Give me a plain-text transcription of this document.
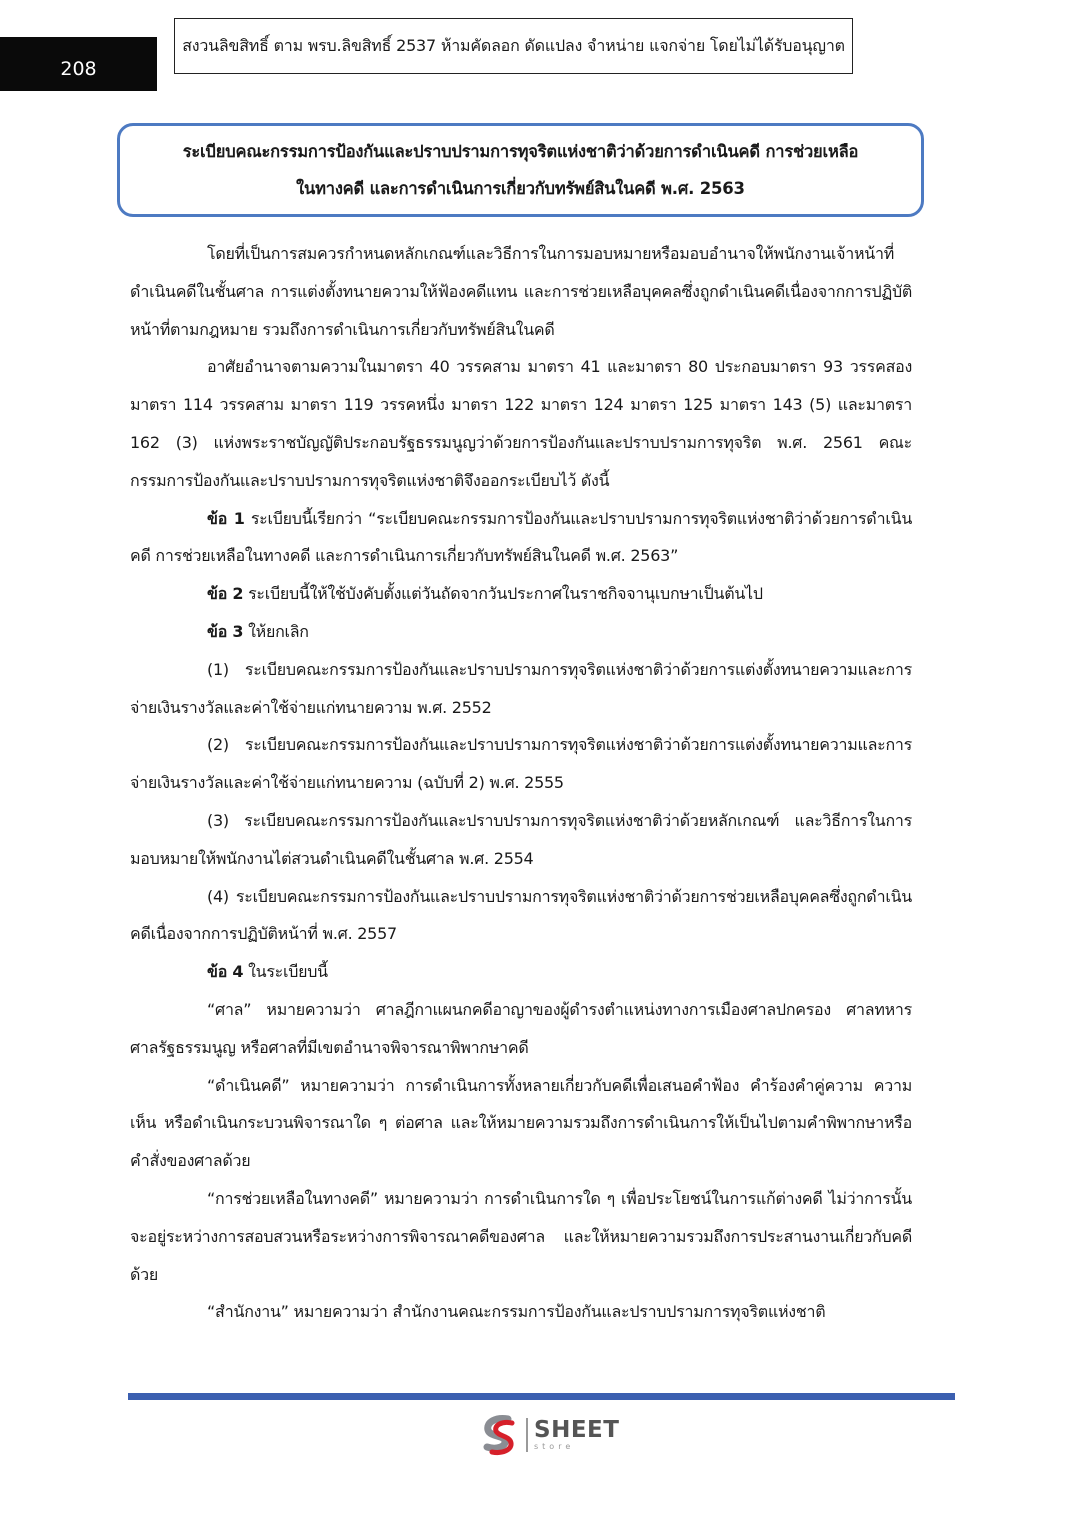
208
สงวนลิขสิทธิ์ ตาม พรบ.ลิขสิทธิ์ 2537 ห้ามคัดลอก ดัดแปลง จำหน่าย แจกจ่าย โดยไม่ได้รับอนุญาต
ระเบียบคณะกรรมการป้องกันและปราบปรามการทุจริตแห่งชาติว่าด้วยการดำเนินคดี การช่วยเหลือ
ในทางคดี และการดำเนินการเกี่ยวกับทรัพย์สินในคดี พ.ศ. 2563

โดยที่เป็นการสมควรกำหนดหลักเกณฑ์และวิธีการในการมอบหมายหรือมอบอำนาจให้พนักงานเจ้าหน้าที่ดำเนินคดีในชั้นศาล การแต่งตั้งทนายความให้ฟ้องคดีแทน และการช่วยเหลือบุคคลซึ่งถูกดำเนินคดีเนื่องจากการปฏิบัติหน้าที่ตามกฎหมาย รวมถึงการดำเนินการเกี่ยวกับทรัพย์สินในคดี

อาศัยอำนาจตามความในมาตรา 40 วรรคสาม มาตรา 41 และมาตรา 80 ประกอบมาตรา 93 วรรคสอง มาตรา 114 วรรคสาม มาตรา 119 วรรคหนึ่ง มาตรา 122 มาตรา 124 มาตรา 125 มาตรา 143 (5) และมาตรา 162 (3) แห่งพระราชบัญญัติประกอบรัฐธรรมนูญว่าด้วยการป้องกันและปราบปรามการทุจริต พ.ศ. 2561 คณะกรรมการป้องกันและปราบปรามการทุจริตแห่งชาติจึงออกระเบียบไว้ ดังนี้

ข้อ 1 ระเบียบนี้เรียกว่า “ระเบียบคณะกรรมการป้องกันและปราบปรามการทุจริตแห่งชาติว่าด้วยการดำเนินคดี การช่วยเหลือในทางคดี และการดำเนินการเกี่ยวกับทรัพย์สินในคดี พ.ศ. 2563”

ข้อ 2 ระเบียบนี้ให้ใช้บังคับตั้งแต่วันถัดจากวันประกาศในราชกิจจานุเบกษาเป็นต้นไป

ข้อ 3 ให้ยกเลิก

(1) ระเบียบคณะกรรมการป้องกันและปราบปรามการทุจริตแห่งชาติว่าด้วยการแต่งตั้งทนายความและการจ่ายเงินรางวัลและค่าใช้จ่ายแก่ทนายความ พ.ศ. 2552

(2) ระเบียบคณะกรรมการป้องกันและปราบปรามการทุจริตแห่งชาติว่าด้วยการแต่งตั้งทนายความและการจ่ายเงินรางวัลและค่าใช้จ่ายแก่ทนายความ (ฉบับที่ 2) พ.ศ. 2555

(3) ระเบียบคณะกรรมการป้องกันและปราบปรามการทุจริตแห่งชาติว่าด้วยหลักเกณฑ์ และวิธีการในการมอบหมายให้พนักงานไต่สวนดำเนินคดีในชั้นศาล พ.ศ. 2554

(4) ระเบียบคณะกรรมการป้องกันและปราบปรามการทุจริตแห่งชาติว่าด้วยการช่วยเหลือบุคคลซึ่งถูกดำเนินคดีเนื่องจากการปฏิบัติหน้าที่ พ.ศ. 2557

ข้อ 4 ในระเบียบนี้

“ศาล” หมายความว่า ศาลฎีกาแผนกคดีอาญาของผู้ดำรงตำแหน่งทางการเมืองศาลปกครอง ศาลทหาร ศาลรัฐธรรมนูญ หรือศาลที่มีเขตอำนาจพิจารณาพิพากษาคดี

“ดำเนินคดี” หมายความว่า การดำเนินการทั้งหลายเกี่ยวกับคดีเพื่อเสนอคำฟ้อง คำร้องคำคู่ความ ความเห็น หรือดำเนินกระบวนพิจารณาใด ๆ ต่อศาล และให้หมายความรวมถึงการดำเนินการให้เป็นไปตามคำพิพากษาหรือคำสั่งของศาลด้วย

“การช่วยเหลือในทางคดี” หมายความว่า การดำเนินการใด ๆ เพื่อประโยชน์ในการแก้ต่างคดี ไม่ว่าการนั้นจะอยู่ระหว่างการสอบสวนหรือระหว่างการพิจารณาคดีของศาล และให้หมายความรวมถึงการประสานงานเกี่ยวกับคดีด้วย

“สำนักงาน” หมายความว่า สำนักงานคณะกรรมการป้องกันและปราบปรามการทุจริตแห่งชาติ

SHEET
store
